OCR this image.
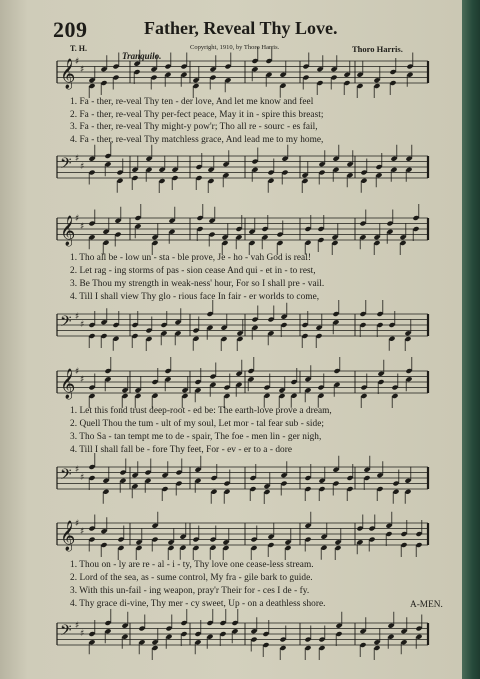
209	Father, Reveal Thy Love.
T. H.
Tranquilo.
Copyright, 1910, by Thoro Harris.	Thoro Harris.
𝄞 ♯
♯
1. Fa - ther, re-veal Thy ten - der love, And let me know and feel
2. Fa - ther, re-veal Thy per-fect peace, May it in - spire this breast;
3. Fa - ther, re-veal Thy might-y pow'r; Tho all re - sourc - es fail,
4. Fa - ther, re-veal Thy matchless grace, And lead me to my home,
𝄢 ♯
♯
𝄞 ♯
♯
1. Tho all be - low un - sta - ble prove, Je - ho - vah God is real!
2. Let rag - ing storms of pas - sion cease And qui - et in - to rest,
3. Be Thou my strength in weak-ness' hour, For so I shall pre - vail.
4. Till I shall view Thy glo - rious face In fair - er worlds to come,
𝄢 ♯
♯
𝄞 ♯
♯
1. Let this fond trust deep-root - ed be: The earth-love prove a dream,
2. Quell Thou the tum - ult of my soul, Let mor - tal fear sub - side;
3. Tho Sa - tan tempt me to de - spair, The foe - men lin - ger nigh,
4. Till I shall fall be - fore Thy feet, For - ev - er to a - dore
𝄢 ♯
♯
𝄞 ♯
♯
1. Thou on - ly are re - al - i - ty, Thy love one cease-less stream.
2. Lord of the sea, as - sume control, My fra - gile bark to guide.
3. With this un-fail - ing weapon, pray'r Their for - ces I de - fy.
4. Thy grace di-vine, Thy mer - cy sweet, Up - on a deathless shore.	A-MEN.
𝄢 ♯
♯
